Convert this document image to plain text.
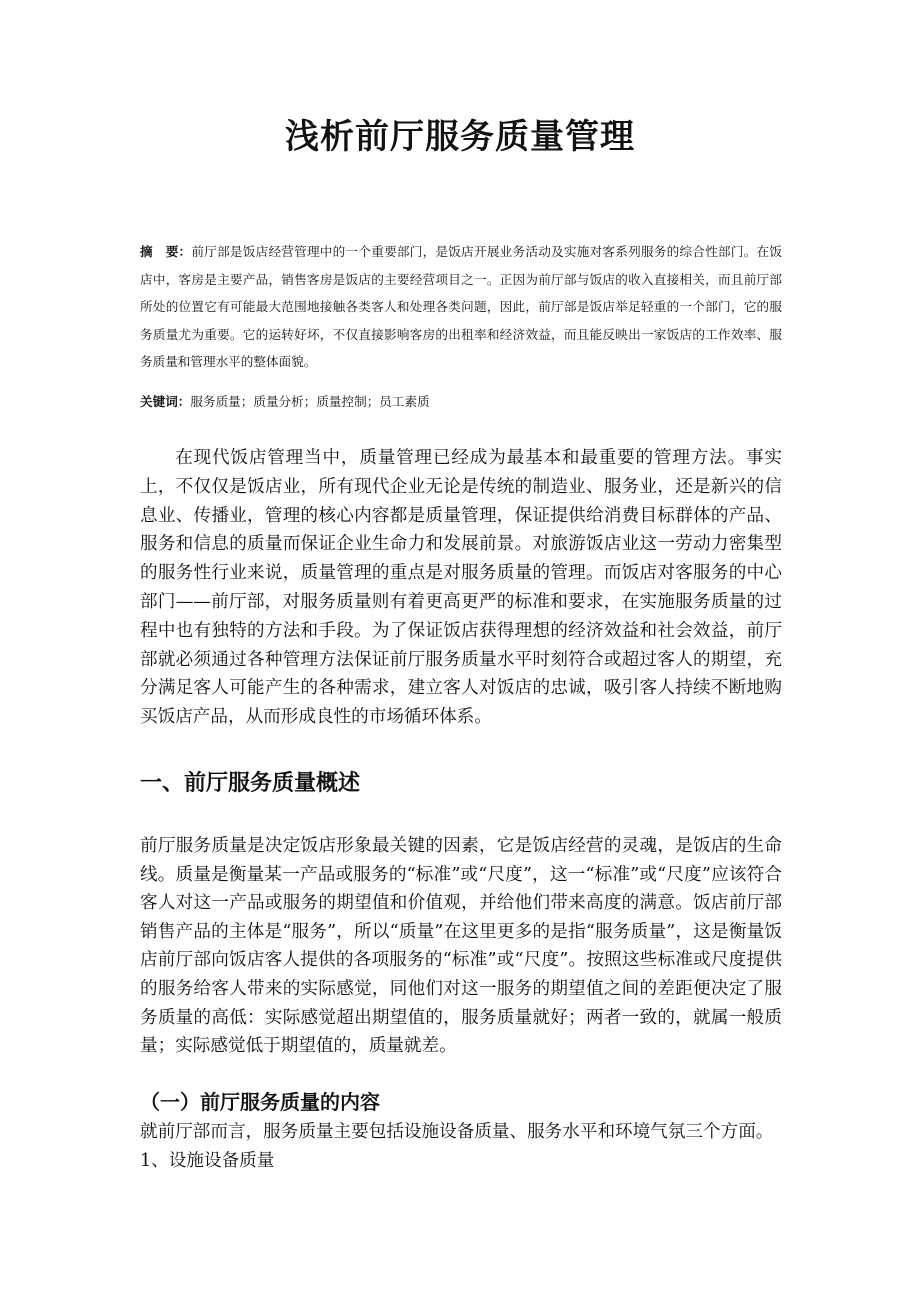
浅析前厅服务质量管理

摘　要：前厅部是饭店经营管理中的一个重要部门，是饭店开展业务活动及实施对客系列服务的综合性部门。在饭店中，客房是主要产品，销售客房是饭店的主要经营项目之一。正因为前厅部与饭店的收入直接相关，而且前厅部所处的位置它有可能最大范围地接触各类客人和处理各类问题，因此，前厅部是饭店举足轻重的一个部门，它的服务质量尤为重要。它的运转好坏，不仅直接影响客房的出租率和经济效益，而且能反映出一家饭店的工作效率、服务质量和管理水平的整体面貌。

关键词：服务质量；质量分析；质量控制；员工素质

在现代饭店管理当中，质量管理已经成为最基本和最重要的管理方法。事实上，不仅仅是饭店业，所有现代企业无论是传统的制造业、服务业，还是新兴的信息业、传播业，管理的核心内容都是质量管理，保证提供给消费目标群体的产品、服务和信息的质量而保证企业生命力和发展前景。对旅游饭店业这一劳动力密集型的服务性行业来说，质量管理的重点是对服务质量的管理。而饭店对客服务的中心部门——前厅部，对服务质量则有着更高更严的标准和要求，在实施服务质量的过程中也有独特的方法和手段。为了保证饭店获得理想的经济效益和社会效益，前厅部就必须通过各种管理方法保证前厅服务质量水平时刻符合或超过客人的期望，充分满足客人可能产生的各种需求，建立客人对饭店的忠诚，吸引客人持续不断地购买饭店产品，从而形成良性的市场循环体系。

一、前厅服务质量概述

前厅服务质量是决定饭店形象最关键的因素，它是饭店经营的灵魂，是饭店的生命线。质量是衡量某一产品或服务的“标准”或“尺度”，这一“标准”或“尺度”应该符合客人对这一产品或服务的期望值和价值观，并给他们带来高度的满意。饭店前厅部销售产品的主体是“服务”，所以“质量”在这里更多的是指“服务质量”，这是衡量饭店前厅部向饭店客人提供的各项服务的“标准”或“尺度”。按照这些标准或尺度提供的服务给客人带来的实际感觉，同他们对这一服务的期望值之间的差距便决定了服务质量的高低：实际感觉超出期望值的，服务质量就好；两者一致的，就属一般质量；实际感觉低于期望值的，质量就差。

（一）前厅服务质量的内容

就前厅部而言，服务质量主要包括设施设备质量、服务水平和环境气氛三个方面。

1、设施设备质量
